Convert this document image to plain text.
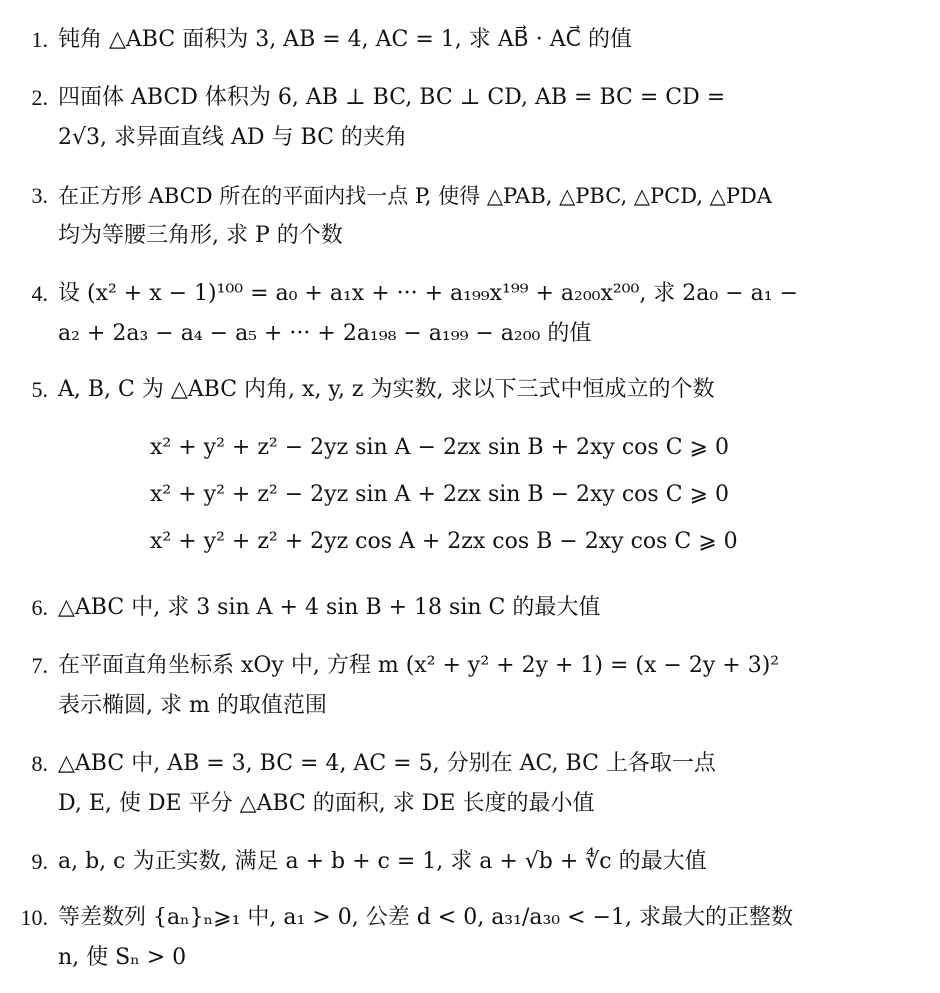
1. 钝角 △ABC 面积为 3, AB = 4, AC = 1, 求 AB⃗ · AC⃗ 的值
2. 四面体 ABCD 体积为 6, AB ⊥ BC, BC ⊥ CD, AB = BC = CD =
2√3, 求异面直线 AD 与 BC 的夹角
3. 在正方形 ABCD 所在的平面内找一点 P, 使得 △PAB, △PBC, △PCD, △PDA
均为等腰三角形, 求 P 的个数
4. 设 (x² + x − 1)¹⁰⁰ = a₀ + a₁x + ··· + a₁₉₉x¹⁹⁹ + a₂₀₀x²⁰⁰, 求 2a₀ − a₁ −
a₂ + 2a₃ − a₄ − a₅ + ··· + 2a₁₉₈ − a₁₉₉ − a₂₀₀ 的值
5. A, B, C 为 △ABC 内角, x, y, z 为实数, 求以下三式中恒成立的个数
x² + y² + z² − 2yz sin A − 2zx sin B + 2xy cos C ⩾ 0
x² + y² + z² − 2yz sin A + 2zx sin B − 2xy cos C ⩾ 0
x² + y² + z² + 2yz cos A + 2zx cos B − 2xy cos C ⩾ 0
6. △ABC 中, 求 3 sin A + 4 sin B + 18 sin C 的最大值
7. 在平面直角坐标系 xOy 中, 方程 m (x² + y² + 2y + 1) = (x − 2y + 3)²
表示椭圆, 求 m 的取值范围
8. △ABC 中, AB = 3, BC = 4, AC = 5, 分别在 AC, BC 上各取一点
D, E, 使 DE 平分 △ABC 的面积, 求 DE 长度的最小值
9. a, b, c 为正实数, 满足 a + b + c = 1, 求 a + √b + ∜c 的最大值
10. 等差数列 {aₙ}ₙ⩾₁ 中, a₁ > 0, 公差 d < 0, a₃₁/a₃₀ < −1, 求最大的正整数
n, 使 Sₙ > 0
